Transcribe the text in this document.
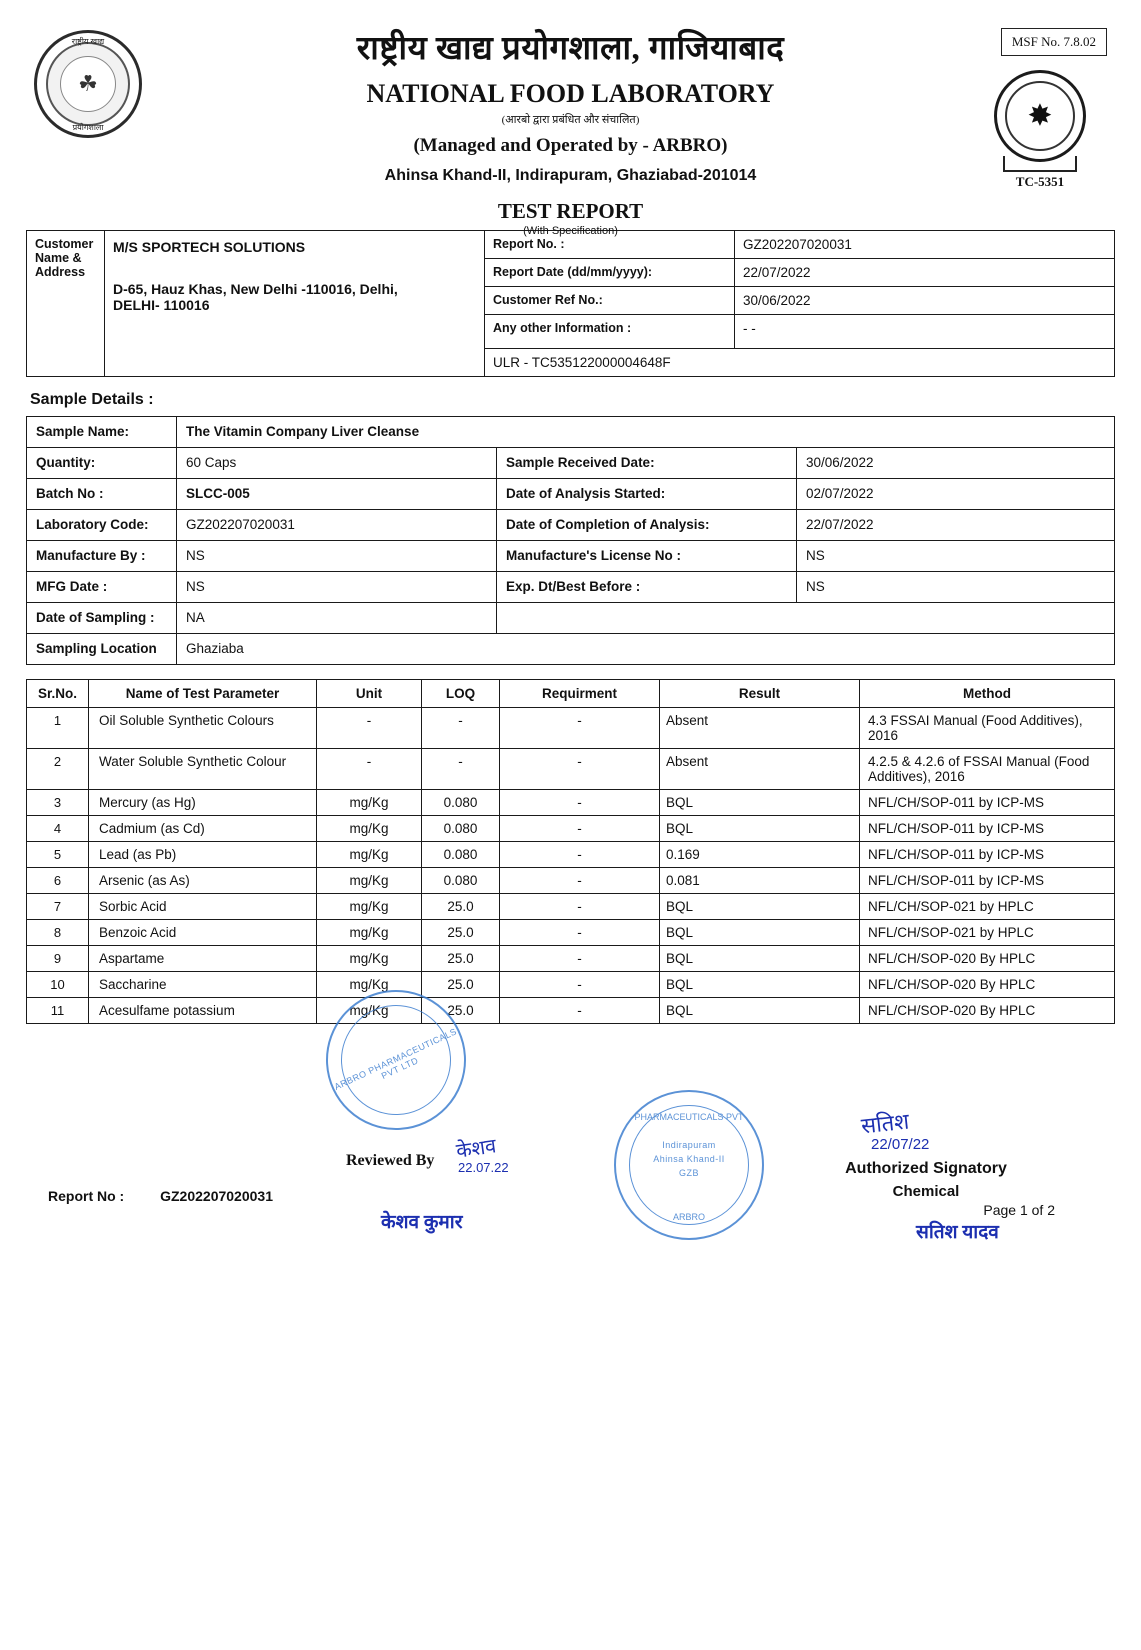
राष्ट्रीय खाद्य
☘
प्रयोगशाला
MSF No. 7.8.02
✸
TC-5351
राष्ट्रीय खाद्य प्रयोगशाला, गाजियाबाद
NATIONAL FOOD LABORATORY
(आरबो द्वारा प्रबंधित और संचालित)
(Managed and Operated by - ARBRO)
Ahinsa Khand-II, Indirapuram, Ghaziabad-201014
TEST REPORT
(With Specification)
Customer
Name &
Address

M/S SPORTECH SOLUTIONS
D-65, Hauz Khas, New Delhi -110016, Delhi,
DELHI- 110016
	Report No. :	GZ202207020031
		Report Date (dd/mm/yyyy):	22/07/2022
		Customer Ref No.:	30/06/2022
		Any other Information :	- -
		ULR - TC535122000004648F	
Sample Details :
Sample Name:	The Vitamin Company Liver Cleanse		
Quantity:	60 Caps	Sample Received Date:	30/06/2022
Batch No :	SLCC-005	Date of Analysis Started:	02/07/2022
Laboratory Code:	GZ202207020031	Date of Completion of Analysis:	22/07/2022
Manufacture By :	NS	Manufacture's License No :	NS
MFG Date :	NS	Exp. Dt/Best Before :	NS
Date of Sampling :	NA		
Sampling Location	Ghaziaba		
Sr.No.	Name of Test Parameter	Unit	LOQ	Requirment	Result	Method
1	Oil Soluble Synthetic Colours	-	-	-	Absent	4.3 FSSAI Manual (Food Additives), 2016
2	Water Soluble Synthetic Colour	-	-	-	Absent	4.2.5 & 4.2.6 of FSSAI Manual (Food Additives), 2016
3	Mercury (as Hg)	mg/Kg	0.080	-	BQL	NFL/CH/SOP-011 by ICP-MS
4	Cadmium (as Cd)	mg/Kg	0.080	-	BQL	NFL/CH/SOP-011 by ICP-MS
5	Lead (as Pb)	mg/Kg	0.080	-	0.169	NFL/CH/SOP-011 by ICP-MS
6	Arsenic (as As)	mg/Kg	0.080	-	0.081	NFL/CH/SOP-011 by ICP-MS
7	Sorbic Acid	mg/Kg	25.0	-	BQL	NFL/CH/SOP-021 by HPLC
8	Benzoic Acid	mg/Kg	25.0	-	BQL	NFL/CH/SOP-021 by HPLC
9	Aspartame	mg/Kg	25.0	-	BQL	NFL/CH/SOP-020 By HPLC
10	Saccharine	mg/Kg	25.0	-	BQL	NFL/CH/SOP-020 By HPLC
11	Acesulfame potassium	mg/Kg	25.0	-	BQL	NFL/CH/SOP-020 By HPLC
ARBRO PHARMACEUTICALS PVT LTD
PHARMACEUTICALS PVT
Indirapuram
Ahinsa Khand-II
GZB
ARBRO
केशव
22.07.22
Reviewed By
केशव कुमार
सतिश
22/07/22
Authorized Signatory
Chemical
सतिश यादव
Report No :	GZ202207020031
Page 1 of 2
